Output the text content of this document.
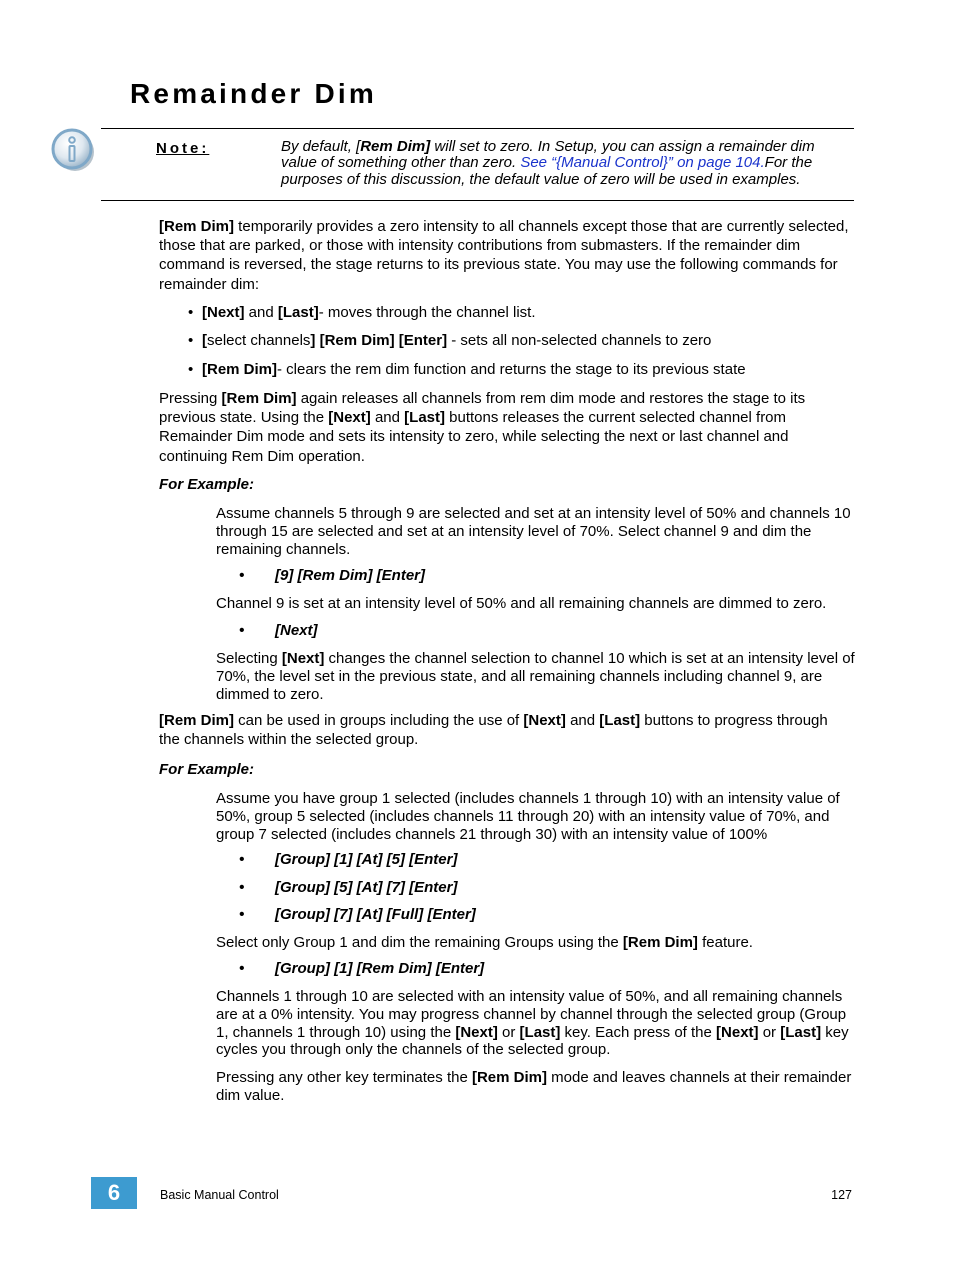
Remainder Dim
Note:	By default, [Rem Dim] will set to zero. In Setup, you can assign a remainder dim value of something other than zero. See “{Manual Control}” on page 104.For the purposes of this discussion, the default value of zero will be used in examples.

[Rem Dim] temporarily provides a zero intensity to all channels except those that are currently selected, those that are parked, or those with intensity contributions from submasters. If the remainder dim command is reversed, the stage returns to its previous state. You may use the following commands for remainder dim:

• [Next] and [Last]- moves through the channel list.
• [select channels] [Rem Dim] [Enter] - sets all non-selected channels to zero
• [Rem Dim]- clears the rem dim function and returns the stage to its previous state

Pressing [Rem Dim] again releases all channels from rem dim mode and restores the stage to its previous state. Using the [Next] and [Last] buttons releases the current selected channel from Remainder Dim mode and sets its intensity to zero, while selecting the next or last channel and continuing Rem Dim operation.

For Example:

Assume channels 5 through 9 are selected and set at an intensity level of 50% and channels 10 through 15 are selected and set at an intensity level of 70%. Select channel 9 and dim the remaining channels.

• [9] [Rem Dim] [Enter]

Channel 9 is set at an intensity level of 50% and all remaining channels are dimmed to zero.

• [Next]

Selecting [Next] changes the channel selection to channel 10 which is set at an intensity level of 70%, the level set in the previous state, and all remaining channels including channel 9, are dimmed to zero.

[Rem Dim] can be used in groups including the use of [Next] and [Last] buttons to progress through the channels within the selected group.

For Example:

Assume you have group 1 selected (includes channels 1 through 10) with an intensity value of 50%, group 5 selected (includes channels 11 through 20) with an intensity value of 70%, and group 7 selected (includes channels 21 through 30) with an intensity value of 100%

• [Group] [1] [At] [5] [Enter]
• [Group] [5] [At] [7] [Enter]
• [Group] [7] [At] [Full] [Enter]

Select only Group 1 and dim the remaining Groups using the [Rem Dim] feature.

• [Group] [1] [Rem Dim] [Enter]

Channels 1 through 10 are selected with an intensity value of 50%, and all remaining channels are at a 0% intensity. You may progress channel by channel through the selected group (Group 1, channels 1 through 10) using the [Next] or [Last] key. Each press of the [Next] or [Last] key cycles you through only the channels of the selected group.

Pressing any other key terminates the [Rem Dim] mode and leaves channels at their remainder dim value.

6	Basic Manual Control	127
